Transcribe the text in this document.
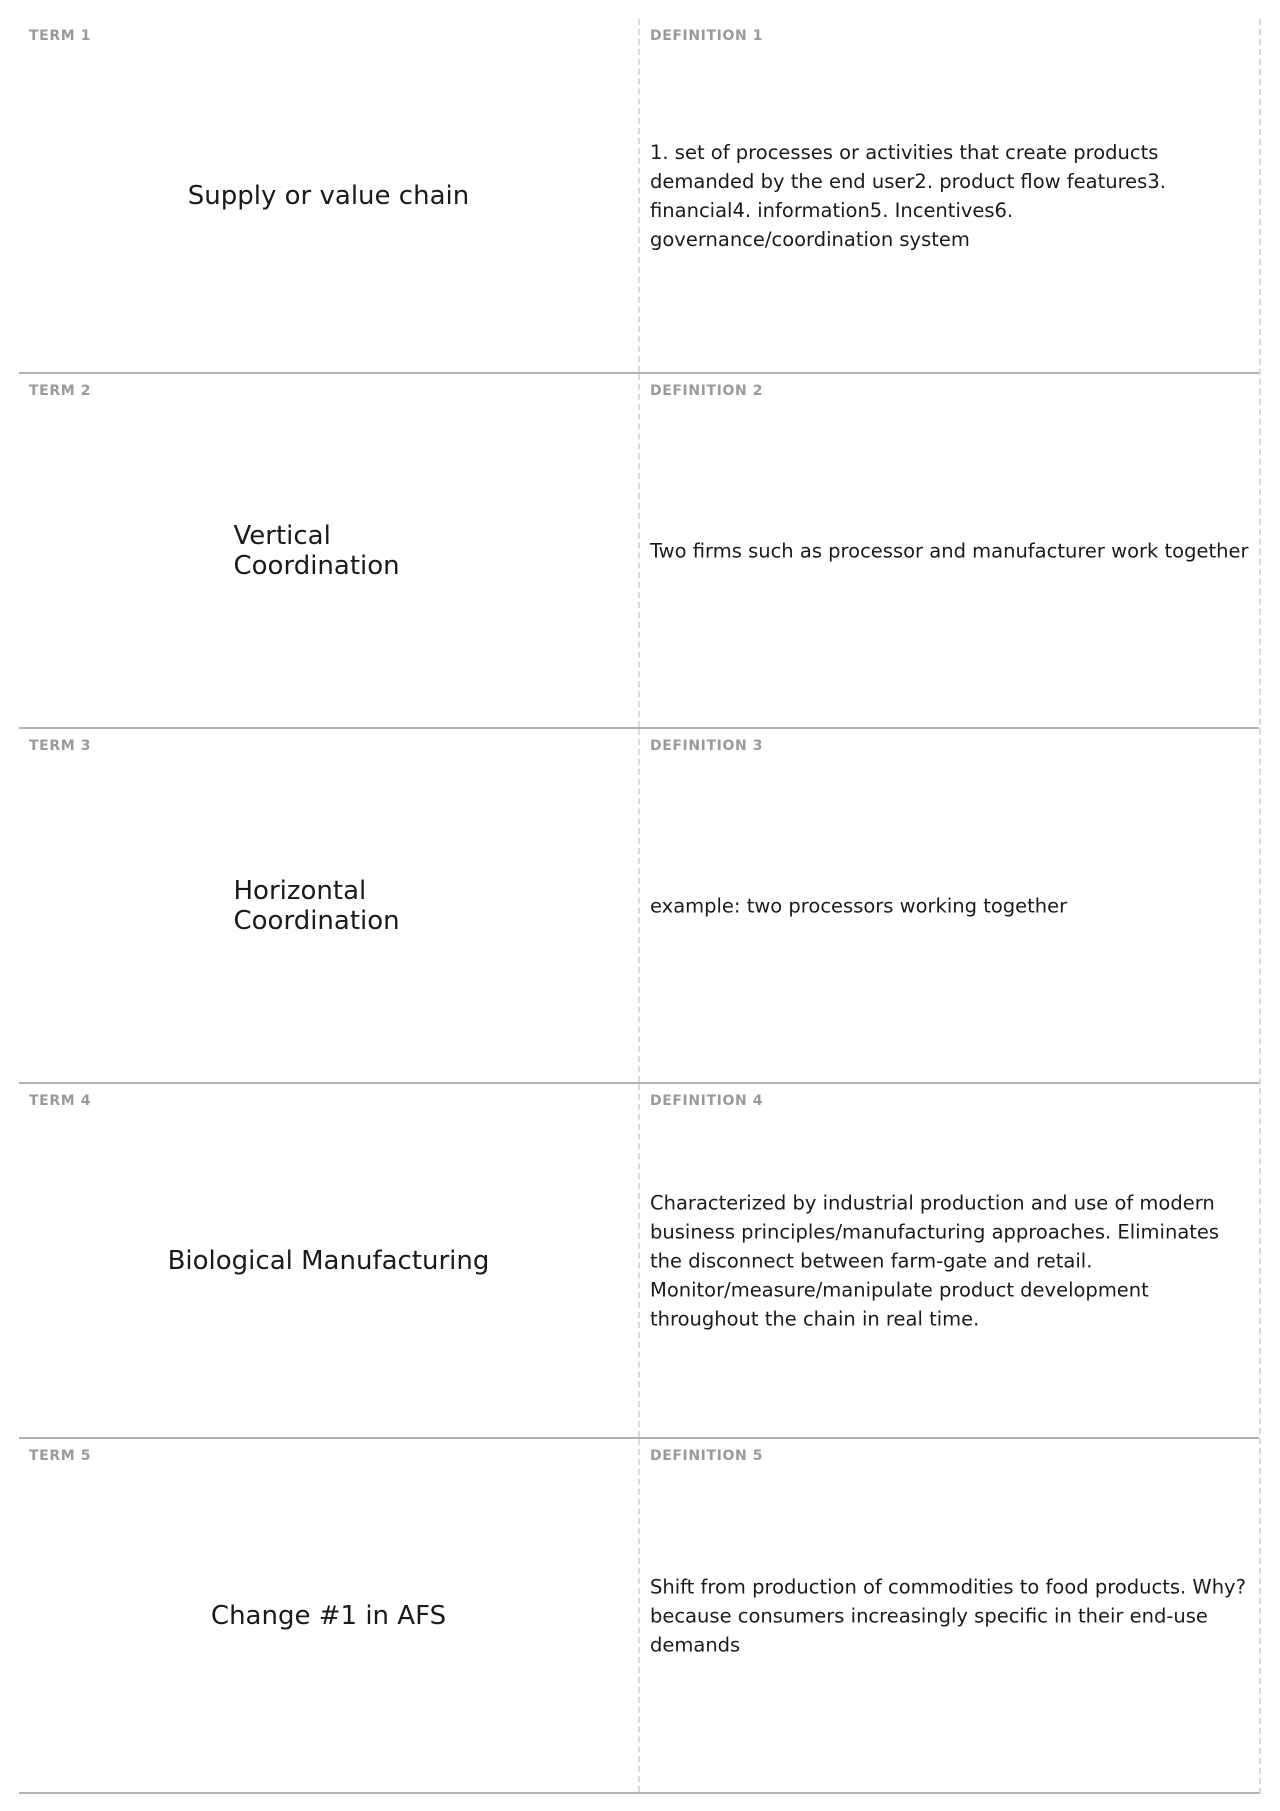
TERM 1
Supply or value chain
DEFINITION 1
1. set of processes or activities that create products demanded by the end user2. product flow features3. financial4. information5. Incentives6. governance/coordination system
TERM 2
Vertical Coordination
DEFINITION 2
Two firms such as processor and manufacturer work together
TERM 3
Horizontal Coordination
DEFINITION 3
example: two processors working together
TERM 4
Biological Manufacturing
DEFINITION 4
Characterized by industrial production and use of modern business principles/manufacturing approaches. Eliminates the disconnect between farm-gate and retail. Monitor/measure/manipulate product development throughout the chain in real time.
TERM 5
Change #1 in AFS
DEFINITION 5
Shift from production of commodities to food products. Why? because consumers increasingly specific in their end-use demands
